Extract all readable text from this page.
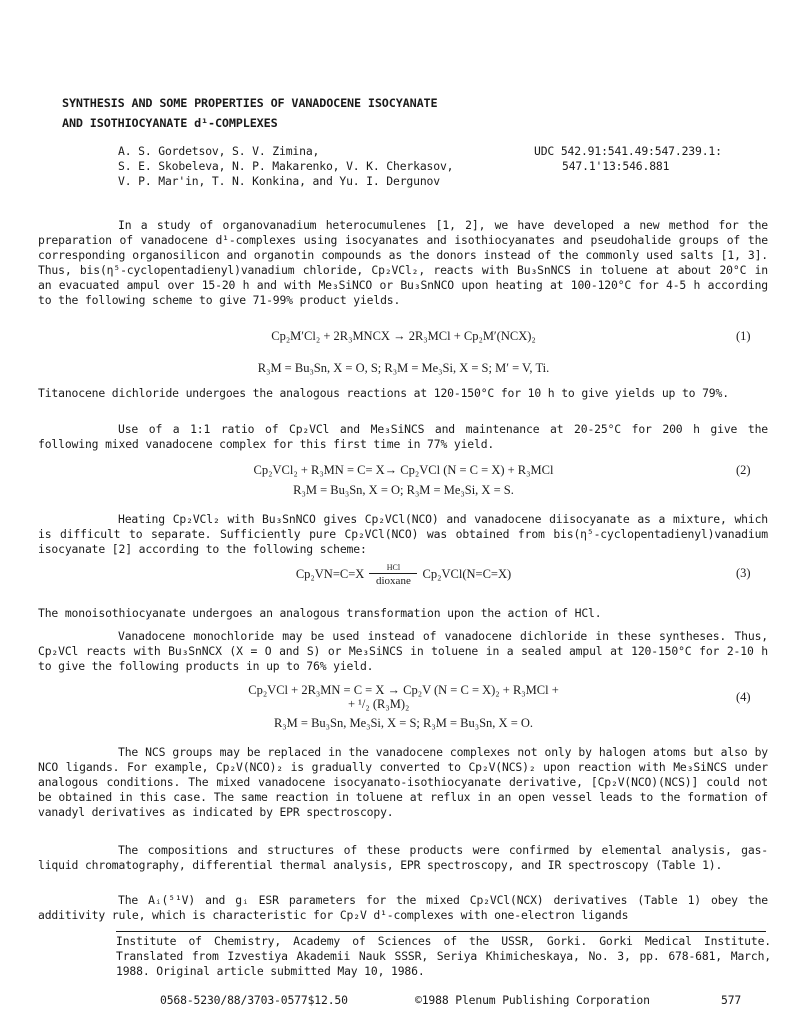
SYNTHESIS AND SOME PROPERTIES OF VANADOCENE ISOCYANATE
AND ISOTHIOCYANATE d¹-COMPLEXES
A. S. Gordetsov, S. V. Zimina,
S. E. Skobeleva, N. P. Makarenko, V. K. Cherkasov,
V. P. Mar'in, T. N. Konkina, and Yu. I. Dergunov
UDC 542.91:541.49:547.239.1:
547.1'13:546.881
In a study of organovanadium heterocumulenes [1, 2], we have developed a new method for the preparation of vanadocene d¹-complexes using isocyanates and isothiocyanates and pseudohalide groups of the corresponding organosilicon and organotin compounds as the donors instead of the commonly used salts [1, 3]. Thus, bis(η⁵-cyclopentadienyl)vanadium chloride, Cp₂VCl₂, reacts with Bu₃SnNCS in toluene at about 20°C in an evacuated ampul over 15-20 h and with Me₃SiNCO or Bu₃SnNCO upon heating at 100-120°C for 4-5 h according to the following scheme to give 71-99% product yields.
Cp₂M′Cl₂ + 2R₃MNCX → 2R₃MCl + Cp₂M′(NCX)₂	(1)
R₃M = Bu₃Sn, X = O, S; R₃M = Me₃Si, X = S; M′ = V, Ti.
Titanocene dichloride undergoes the analogous reactions at 120-150°C for 10 h to give yields up to 79%.
Use of a 1:1 ratio of Cp₂VCl and Me₃SiNCS and maintenance at 20-25°C for 200 h give the following mixed vanadocene complex for this first time in 77% yield.
Cp₂VCl₂ + R₃MN = C= X→ Cp₂VCl (N = C = X) + R₃MCl	(2)
R₃M = Bu₃Sn, X = O; R₃M = Me₃Si, X = S.
Heating Cp₂VCl₂ with Bu₃SnNCO gives Cp₂VCl(NCO) and vanadocene diisocyanate as a mixture, which is difficult to separate. Sufficiently pure Cp₂VCl(NCO) was obtained from bis(η⁵-cyclopentadienyl)vanadium isocyanate [2] according to the following scheme:
$Cp_2VN=C=X \frac{\text{HCl}}{\text{dioxane}} Cp_2VCl(N=C=X)$	(3)
The monoisothiocyanate undergoes an analogous transformation upon the action of HCl.
Vanadocene monochloride may be used instead of vanadocene dichloride in these syntheses. Thus, Cp₂VCl reacts with Bu₃SnNCX (X = O and S) or Me₃SiNCS in toluene in a sealed ampul at 120-150°C for 2-10 h to give the following products in up to 76% yield.
Cp₂VCl + 2R₃MN = C = X → Cp₂V (N = C = X)₂ + R₃MCl +
+ ¹/₂ (R₃M)₂	(4)
R₃M = Bu₃Sn, Me₃Si, X = S; R₃M = Bu₃Sn, X = O.
The NCS groups may be replaced in the vanadocene complexes not only by halogen atoms but also by NCO ligands. For example, Cp₂V(NCO)₂ is gradually converted to Cp₂V(NCS)₂ upon reaction with Me₃SiNCS under analogous conditions. The mixed vanadocene isocyanato-isothiocyanate derivative, [Cp₂V(NCO)(NCS)] could not be obtained in this case. The same reaction in toluene at reflux in an open vessel leads to the formation of vanadyl derivatives as indicated by EPR spectroscopy.
The compositions and structures of these products were confirmed by elemental analysis, gas-liquid chromatography, differential thermal analysis, EPR spectroscopy, and IR spectroscopy (Table 1).
The Aᵢ(⁵¹V) and gᵢ ESR parameters for the mixed Cp₂VCl(NCX) derivatives (Table 1) obey the additivity rule, which is characteristic for Cp₂V d¹-complexes with one-electron ligands
Institute of Chemistry, Academy of Sciences of the USSR, Gorki. Gorki Medical Institute. Translated from Izvestiya Akademii Nauk SSSR, Seriya Khimicheskaya, No. 3, pp. 678-681, March, 1988. Original article submitted May 10, 1986.
0568-5230/88/3703-0577$12.50	©1988 Plenum Publishing Corporation	577
